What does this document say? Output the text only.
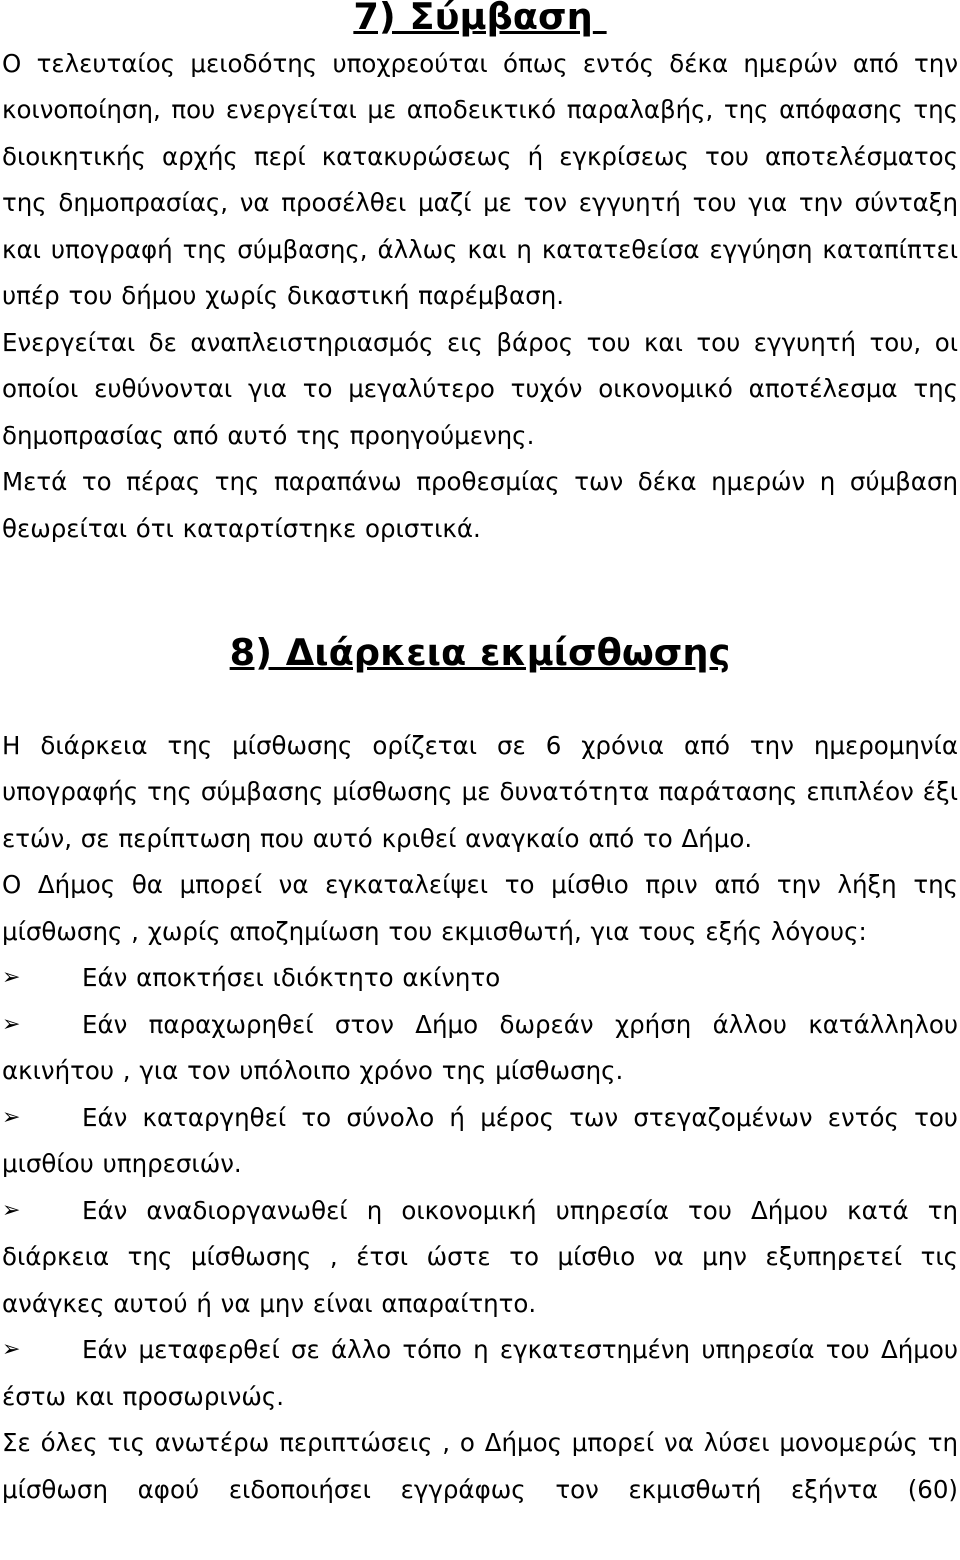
7) Σύμβαση

Ο τελευταίος μειοδότης υποχρεούται όπως εντός δέκα ημερών από την κοινοποίηση, που ενεργείται με αποδεικτικό παραλαβής, της απόφασης της διοικητικής αρχής περί κατακυρώσεως ή εγκρίσεως του αποτελέσματος της δημοπρασίας, να προσέλθει μαζί με τον εγγυητή του για την σύνταξη και υπογραφή της σύμβασης, άλλως και η κατατεθείσα εγγύηση καταπίπτει υπέρ του δήμου χωρίς δικαστική παρέμβαση.

Ενεργείται δε αναπλειστηριασμός εις βάρος του και του εγγυητή του, οι οποίοι ευθύνονται για το μεγαλύτερο τυχόν οικονομικό αποτέλεσμα της δημοπρασίας από αυτό της προηγούμενης.

Μετά το πέρας της παραπάνω προθεσμίας των δέκα ημερών η σύμβαση θεωρείται ότι καταρτίστηκε οριστικά.

8) Διάρκεια εκμίσθωσης

Η διάρκεια της μίσθωσης ορίζεται σε 6 χρόνια από την ημερομηνία υπογραφής της σύμβασης μίσθωσης με δυνατότητα παράτασης επιπλέον έξι ετών, σε περίπτωση που αυτό κριθεί αναγκαίο από το Δήμο.

Ο Δήμος θα μπορεί να εγκαταλείψει το μίσθιο πριν από την λήξη της μίσθωσης , χωρίς αποζημίωση του εκμισθωτή, για τους εξής λόγους:

➢	Εάν αποκτήσει ιδιόκτητο ακίνητο
➢	Εάν παραχωρηθεί στον Δήμο δωρεάν χρήση άλλου κατάλληλου

ακινήτου , για τον υπόλοιπο χρόνο της μίσθωσης.

➢	Εάν καταργηθεί το σύνολο ή μέρος των στεγαζομένων εντός του

μισθίου υπηρεσιών.

➢	Εάν αναδιοργανωθεί η οικονομική υπηρεσία του Δήμου κατά τη

διάρκεια της μίσθωσης , έτσι ώστε το μίσθιο να μην εξυπηρετεί τις ανάγκες αυτού ή να μην είναι απαραίτητο.

➢	Εάν μεταφερθεί σε άλλο τόπο η εγκατεστημένη υπηρεσία του Δήμου

έστω και προσωρινώς.

Σε όλες τις ανωτέρω περιπτώσεις , ο Δήμος μπορεί να λύσει μονομερώς τη

μίσθωση αφού ειδοποιήσει εγγράφως τον εκμισθωτή εξήντα (60)
